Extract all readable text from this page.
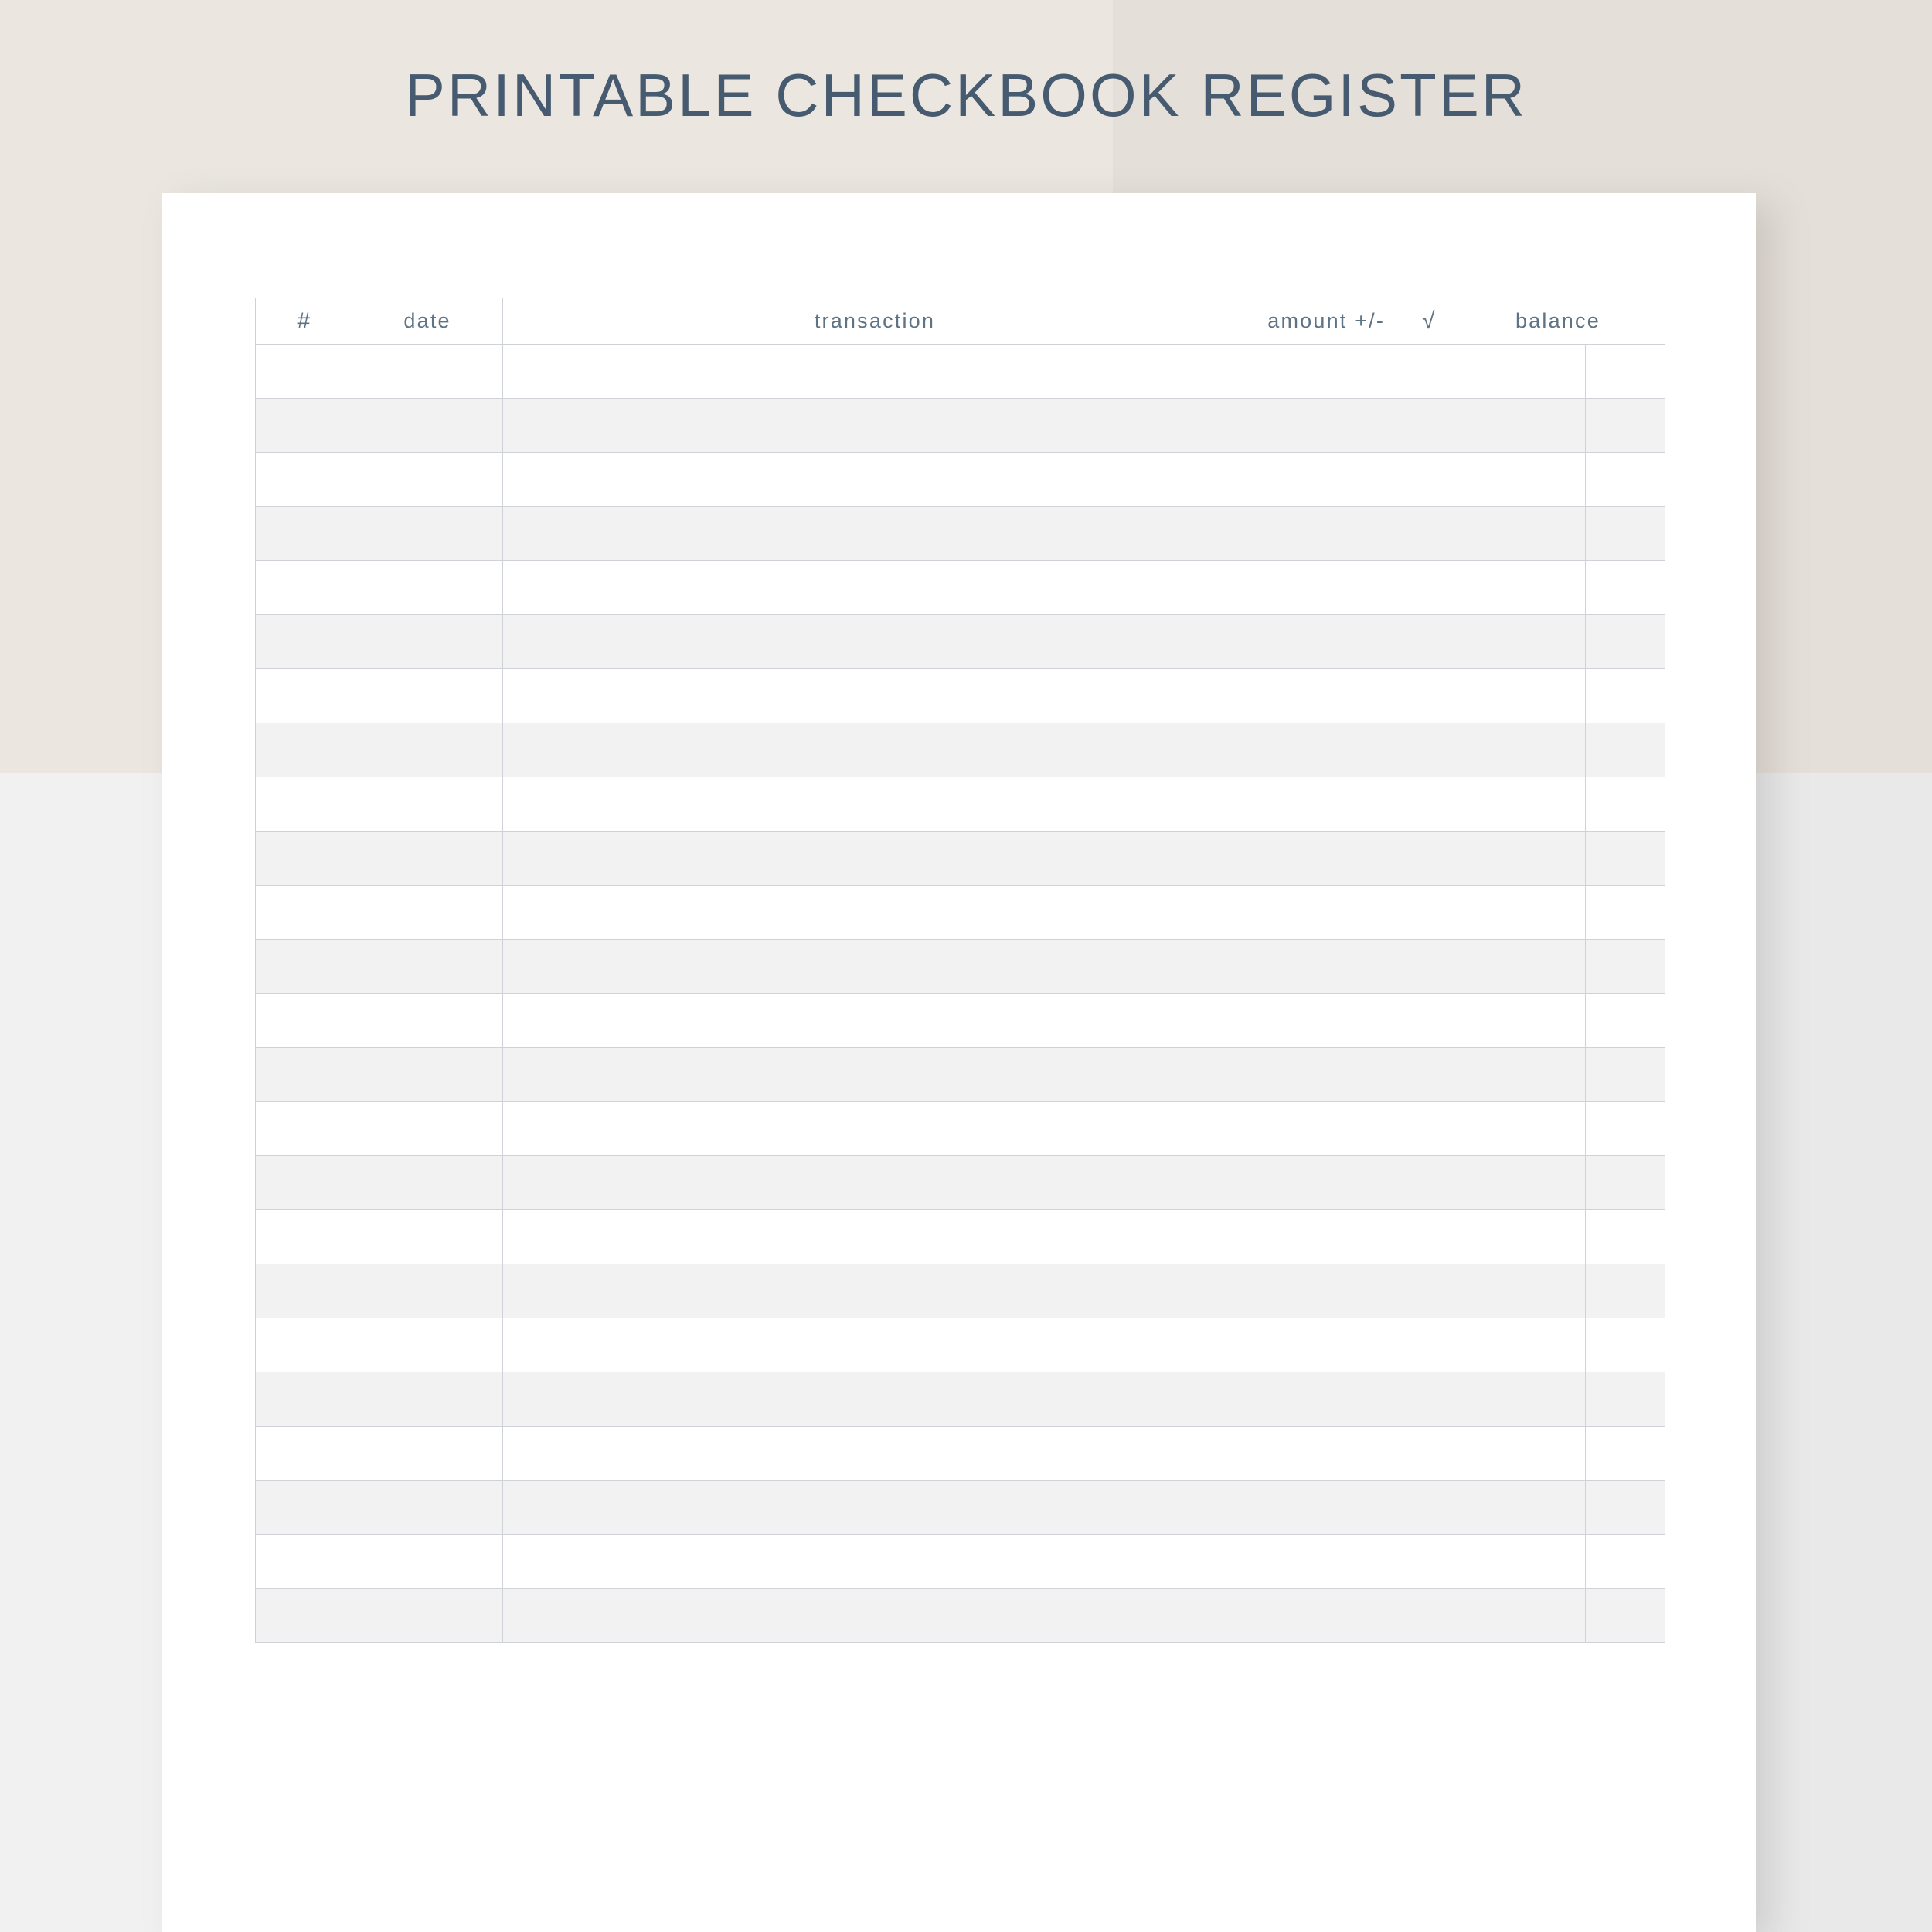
PRINTABLE CHECKBOOK REGISTER
#	date	transaction	amount +/-	√	balance	
